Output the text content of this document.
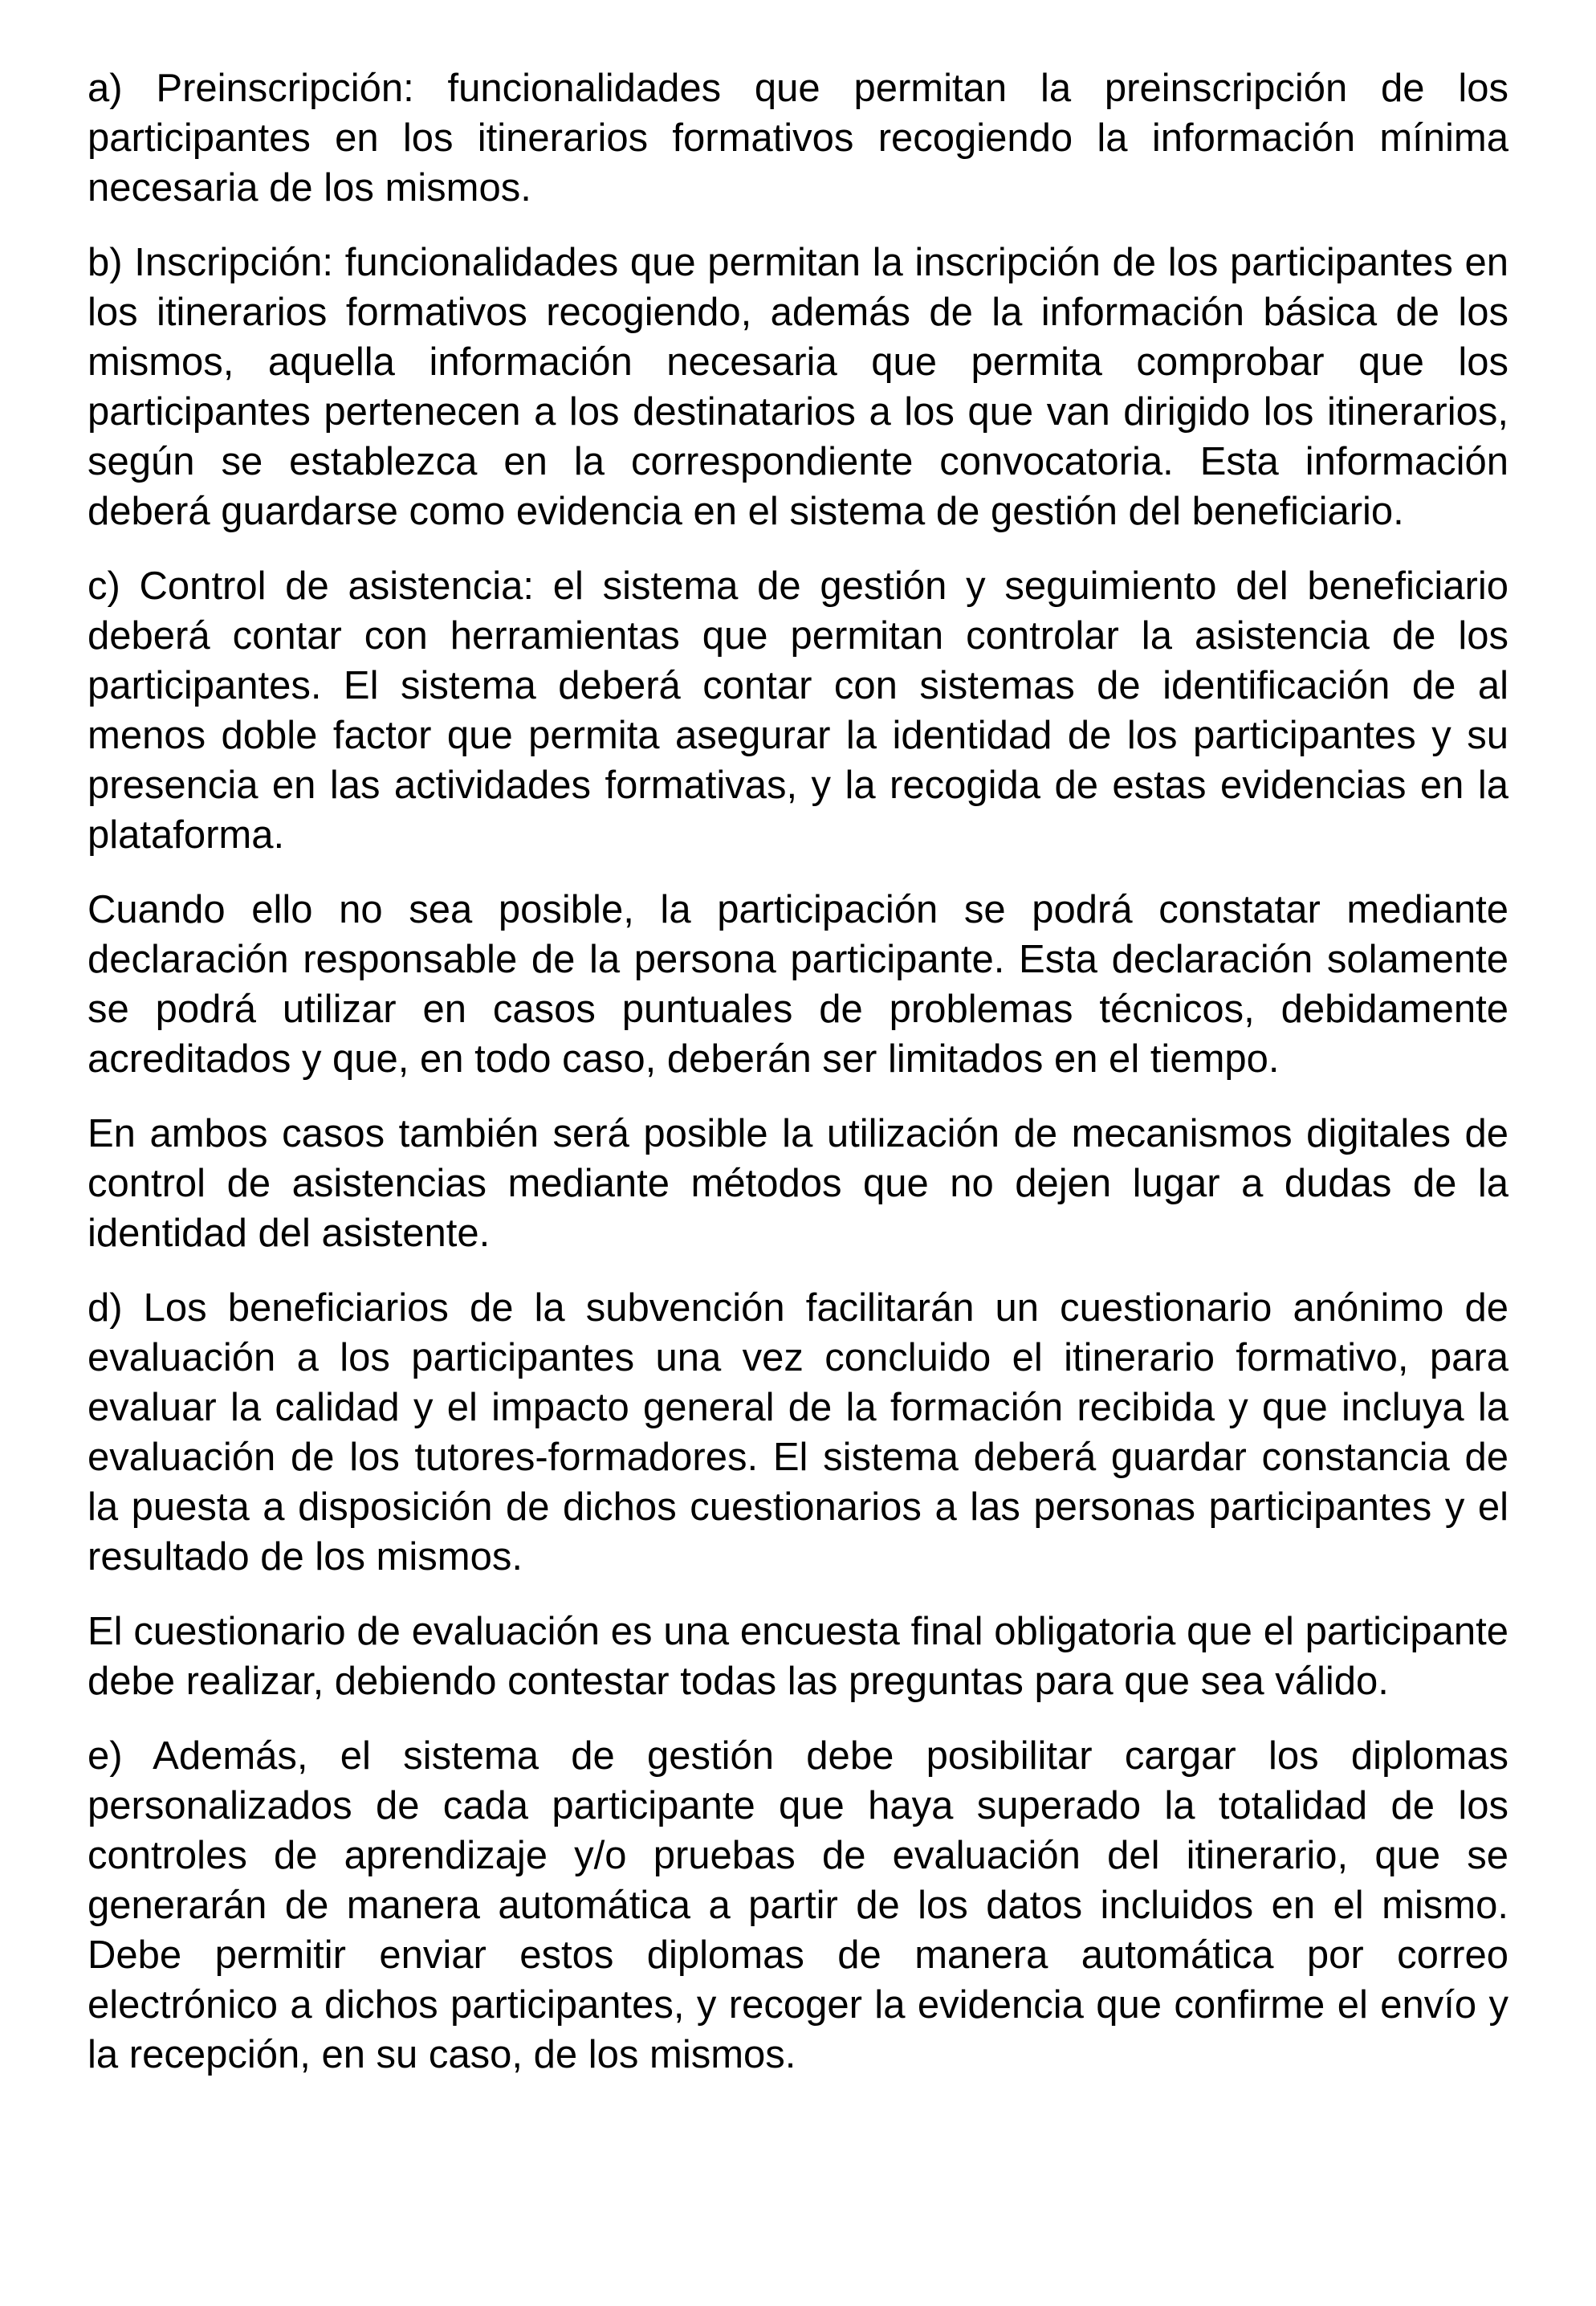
a) Preinscripción: funcionalidades que permitan la preinscripción de los participantes en los itinerarios formativos recogiendo la información mínima necesaria de los mismos.

b) Inscripción: funcionalidades que permitan la inscripción de los participantes en los itinerarios formativos recogiendo, además de la información básica de los mismos, aquella información necesaria que permita comprobar que los participantes pertenecen a los destinatarios a los que van dirigido los itinerarios, según se establezca en la correspondiente convocatoria. Esta información deberá guardarse como evidencia en el sistema de gestión del beneficiario.

c) Control de asistencia: el sistema de gestión y seguimiento del beneficiario deberá contar con herramientas que permitan controlar la asistencia de los participantes. El sistema deberá contar con sistemas de identificación de al menos doble factor que permita asegurar la identidad de los participantes y su presencia en las actividades formativas, y la recogida de estas evidencias en la plataforma.

Cuando ello no sea posible, la participación se podrá constatar mediante declaración responsable de la persona participante. Esta declaración solamente se podrá utilizar en casos puntuales de problemas técnicos, debidamente acreditados y que, en todo caso, deberán ser limitados en el tiempo.

En ambos casos también será posible la utilización de mecanismos digitales de control de asistencias mediante métodos que no dejen lugar a dudas de la identidad del asistente.

d) Los beneficiarios de la subvención facilitarán un cuestionario anónimo de evaluación a los participantes una vez concluido el itinerario formativo, para evaluar la calidad y el impacto general de la formación recibida y que incluya la evaluación de los tutores-formadores. El sistema deberá guardar constancia de la puesta a disposición de dichos cuestionarios a las personas participantes y el resultado de los mismos.

El cuestionario de evaluación es una encuesta final obligatoria que el participante debe realizar, debiendo contestar todas las preguntas para que sea válido.

e) Además, el sistema de gestión debe posibilitar cargar los diplomas personalizados de cada participante que haya superado la totalidad de los controles de aprendizaje y/o pruebas de evaluación del itinerario, que se generarán de manera automática a partir de los datos incluidos en el mismo. Debe permitir enviar estos diplomas de manera automática por correo electrónico a dichos participantes, y recoger la evidencia que confirme el envío y la recepción, en su caso, de los mismos.
